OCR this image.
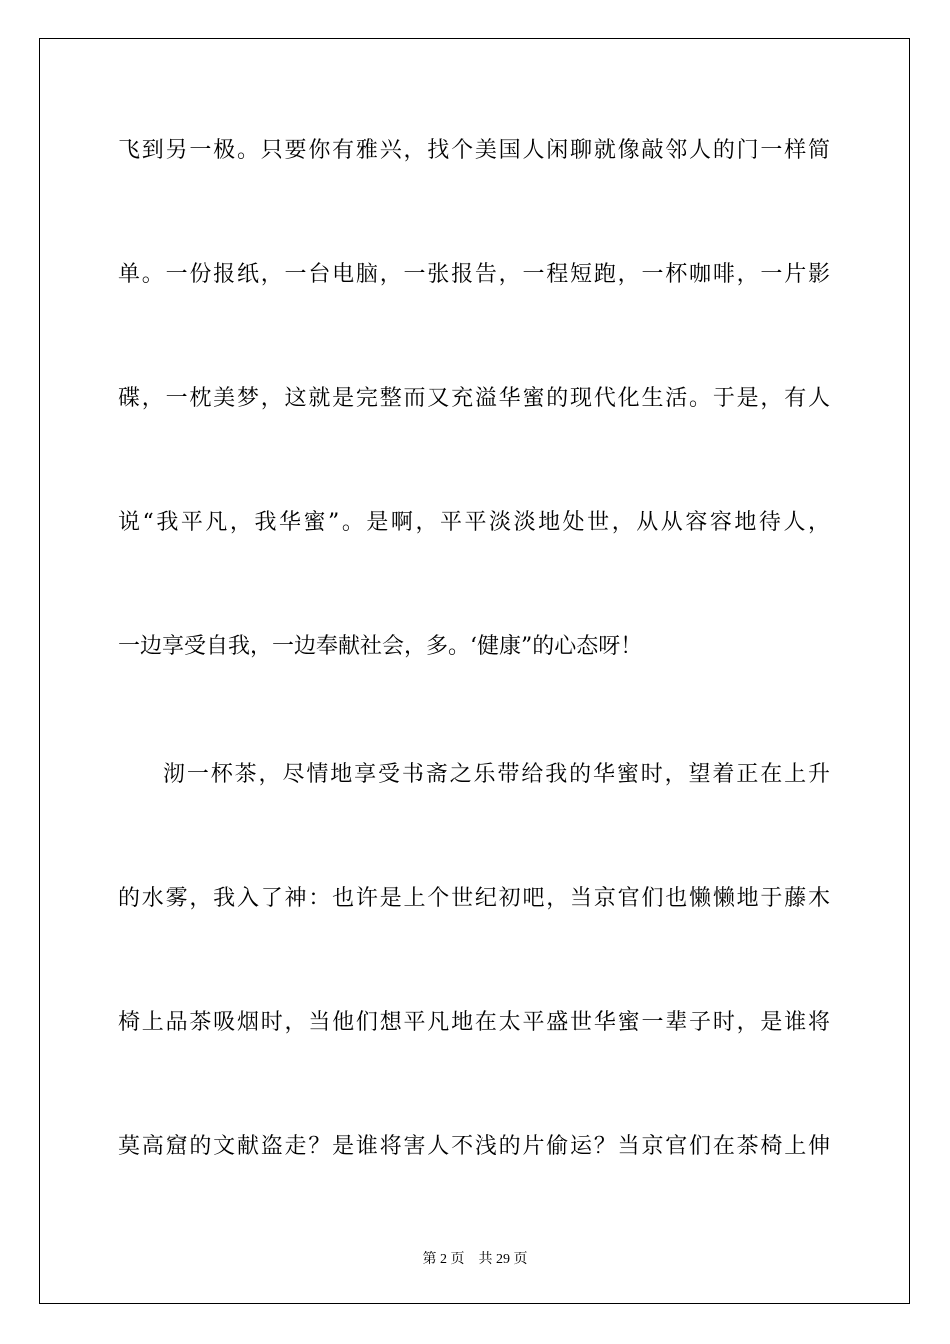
飞到另一极。只要你有雅兴，找个美国人闲聊就像敲邻人的门一样简
单。一份报纸，一台电脑，一张报告，一程短跑，一杯咖啡，一片影
碟，一枕美梦，这就是完整而又充溢华蜜的现代化生活。于是，有人
说“我平凡，我华蜜”。是啊，平平淡淡地处世，从从容容地待人，
一边享受自我，一边奉献社会，多。‘健康”的心态呀！
沏一杯茶，尽情地享受书斋之乐带给我的华蜜时，望着正在上升
的水雾，我入了神：也许是上个世纪初吧，当京官们也懒懒地于藤木
椅上品茶吸烟时，当他们想平凡地在太平盛世华蜜一辈子时，是谁将
莫高窟的文献盗走？是谁将害人不浅的片偷运？当京官们在茶椅上伸
第 2 页 共 29 页
